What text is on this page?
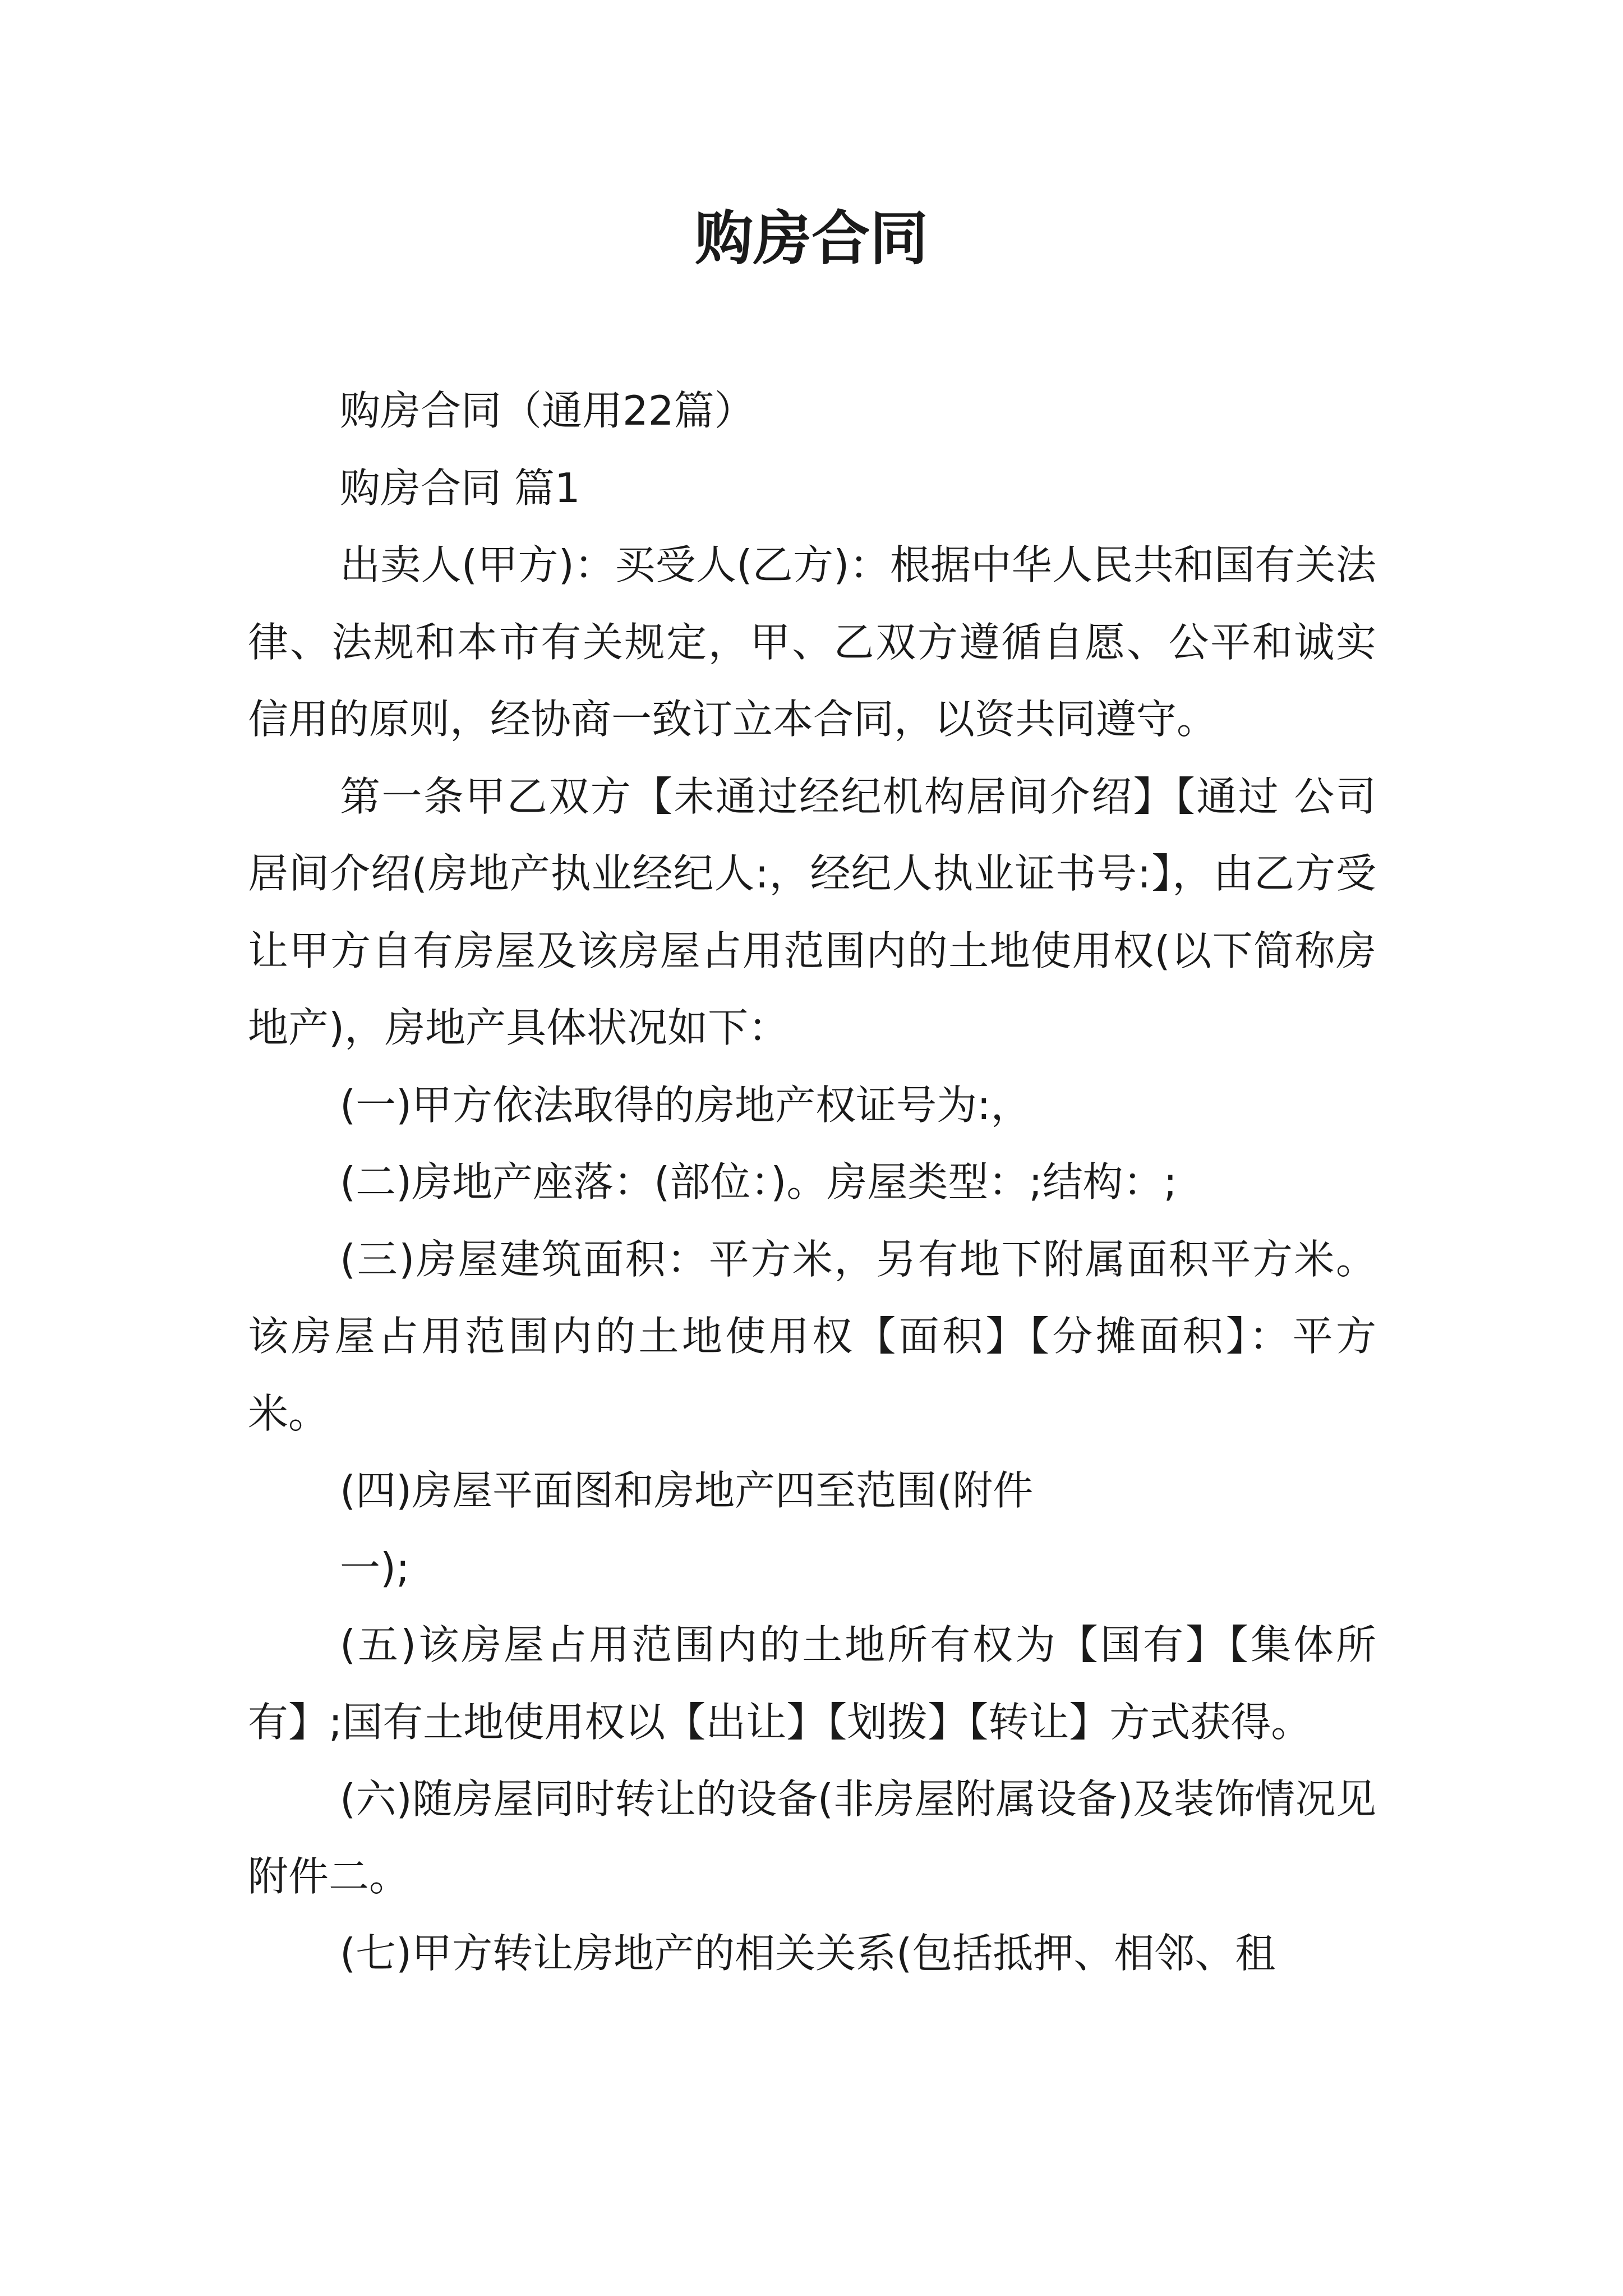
购房合同

购房合同（通用22篇）

购房合同 篇1

出卖人(甲方)：买受人(乙方)：根据中华人民共和国有关法律、法规和本市有关规定，甲、乙双方遵循自愿、公平和诚实信用的原则，经协商一致订立本合同，以资共同遵守。

第一条甲乙双方【未通过经纪机构居间介绍】【通过 公司居间介绍(房地产执业经纪人:，经纪人执业证书号:】，由乙方受让甲方自有房屋及该房屋占用范围内的土地使用权(以下简称房地产)，房地产具体状况如下：

(一)甲方依法取得的房地产权证号为:，

(二)房地产座落：(部位：)。房屋类型：;结构：;

(三)房屋建筑面积：平方米，另有地下附属面积平方米。该房屋占用范围内的土地使用权【面积】【分摊面积】：平方米。

(四)房屋平面图和房地产四至范围(附件

一);

(五)该房屋占用范围内的土地所有权为【国有】【集体所有】;国有土地使用权以【出让】【划拨】【转让】方式获得。

(六)随房屋同时转让的设备(非房屋附属设备)及装饰情况见附件二。

(七)甲方转让房地产的相关关系(包括抵押、相邻、租
